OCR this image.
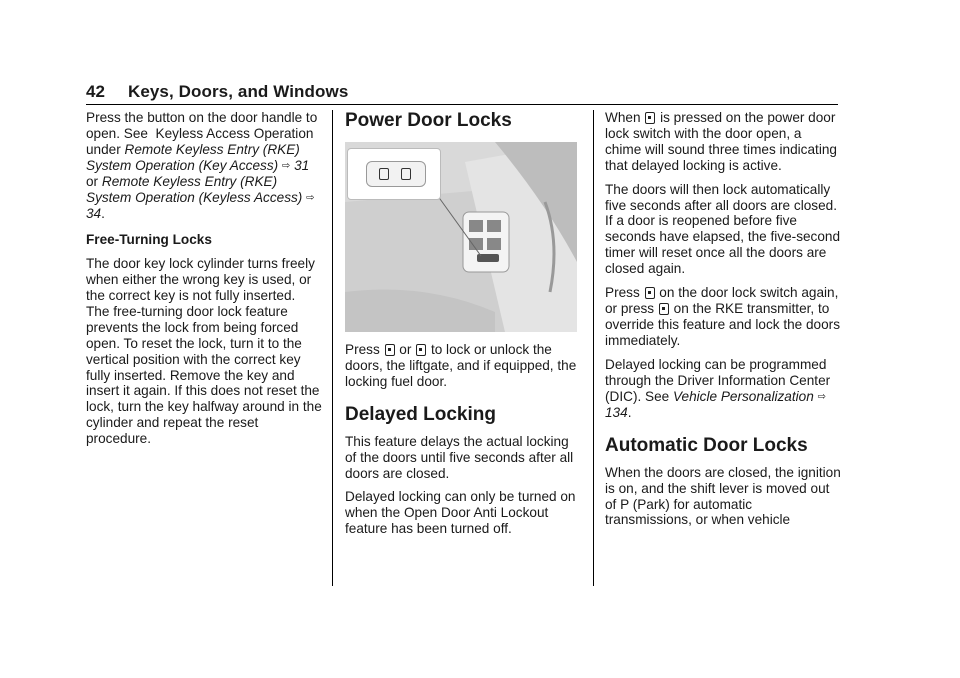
42 Keys, Doors, and Windows

Press the button on the door handle to open. See  Keyless Access Operation  under Remote Keyless Entry (RKE) System Operation (Key Access) ⇨ 31 or Remote Keyless Entry (RKE) System Operation (Keyless Access) ⇨ 34.

Free-Turning Locks

The door key lock cylinder turns freely when either the wrong key is used, or the correct key is not fully inserted. The free-turning door lock feature prevents the lock from being forced open. To reset the lock, turn it to the vertical position with the correct key fully inserted. Remove the key and insert it again. If this does not reset the lock, turn the key halfway around in the cylinder and repeat the reset procedure.

Power Door Locks

Press  or  to lock or unlock the doors, the liftgate, and if equipped, the locking fuel door.

Delayed Locking

This feature delays the actual locking of the doors until five seconds after all doors are closed.

Delayed locking can only be turned on when the Open Door Anti Lockout feature has been turned off.

When  is pressed on the power door lock switch with the door open, a chime will sound three times indicating that delayed locking is active.

The doors will then lock automatically five seconds after all doors are closed. If a door is reopened before five seconds have elapsed, the five-second timer will reset once all the doors are closed again.

Press  on the door lock switch again, or press  on the RKE transmitter, to override this feature and lock the doors immediately.

Delayed locking can be programmed through the Driver Information Center (DIC). See Vehicle Personalization ⇨ 134.

Automatic Door Locks

When the doors are closed, the ignition is on, and the shift lever is moved out of P (Park) for automatic transmissions, or when vehicle
